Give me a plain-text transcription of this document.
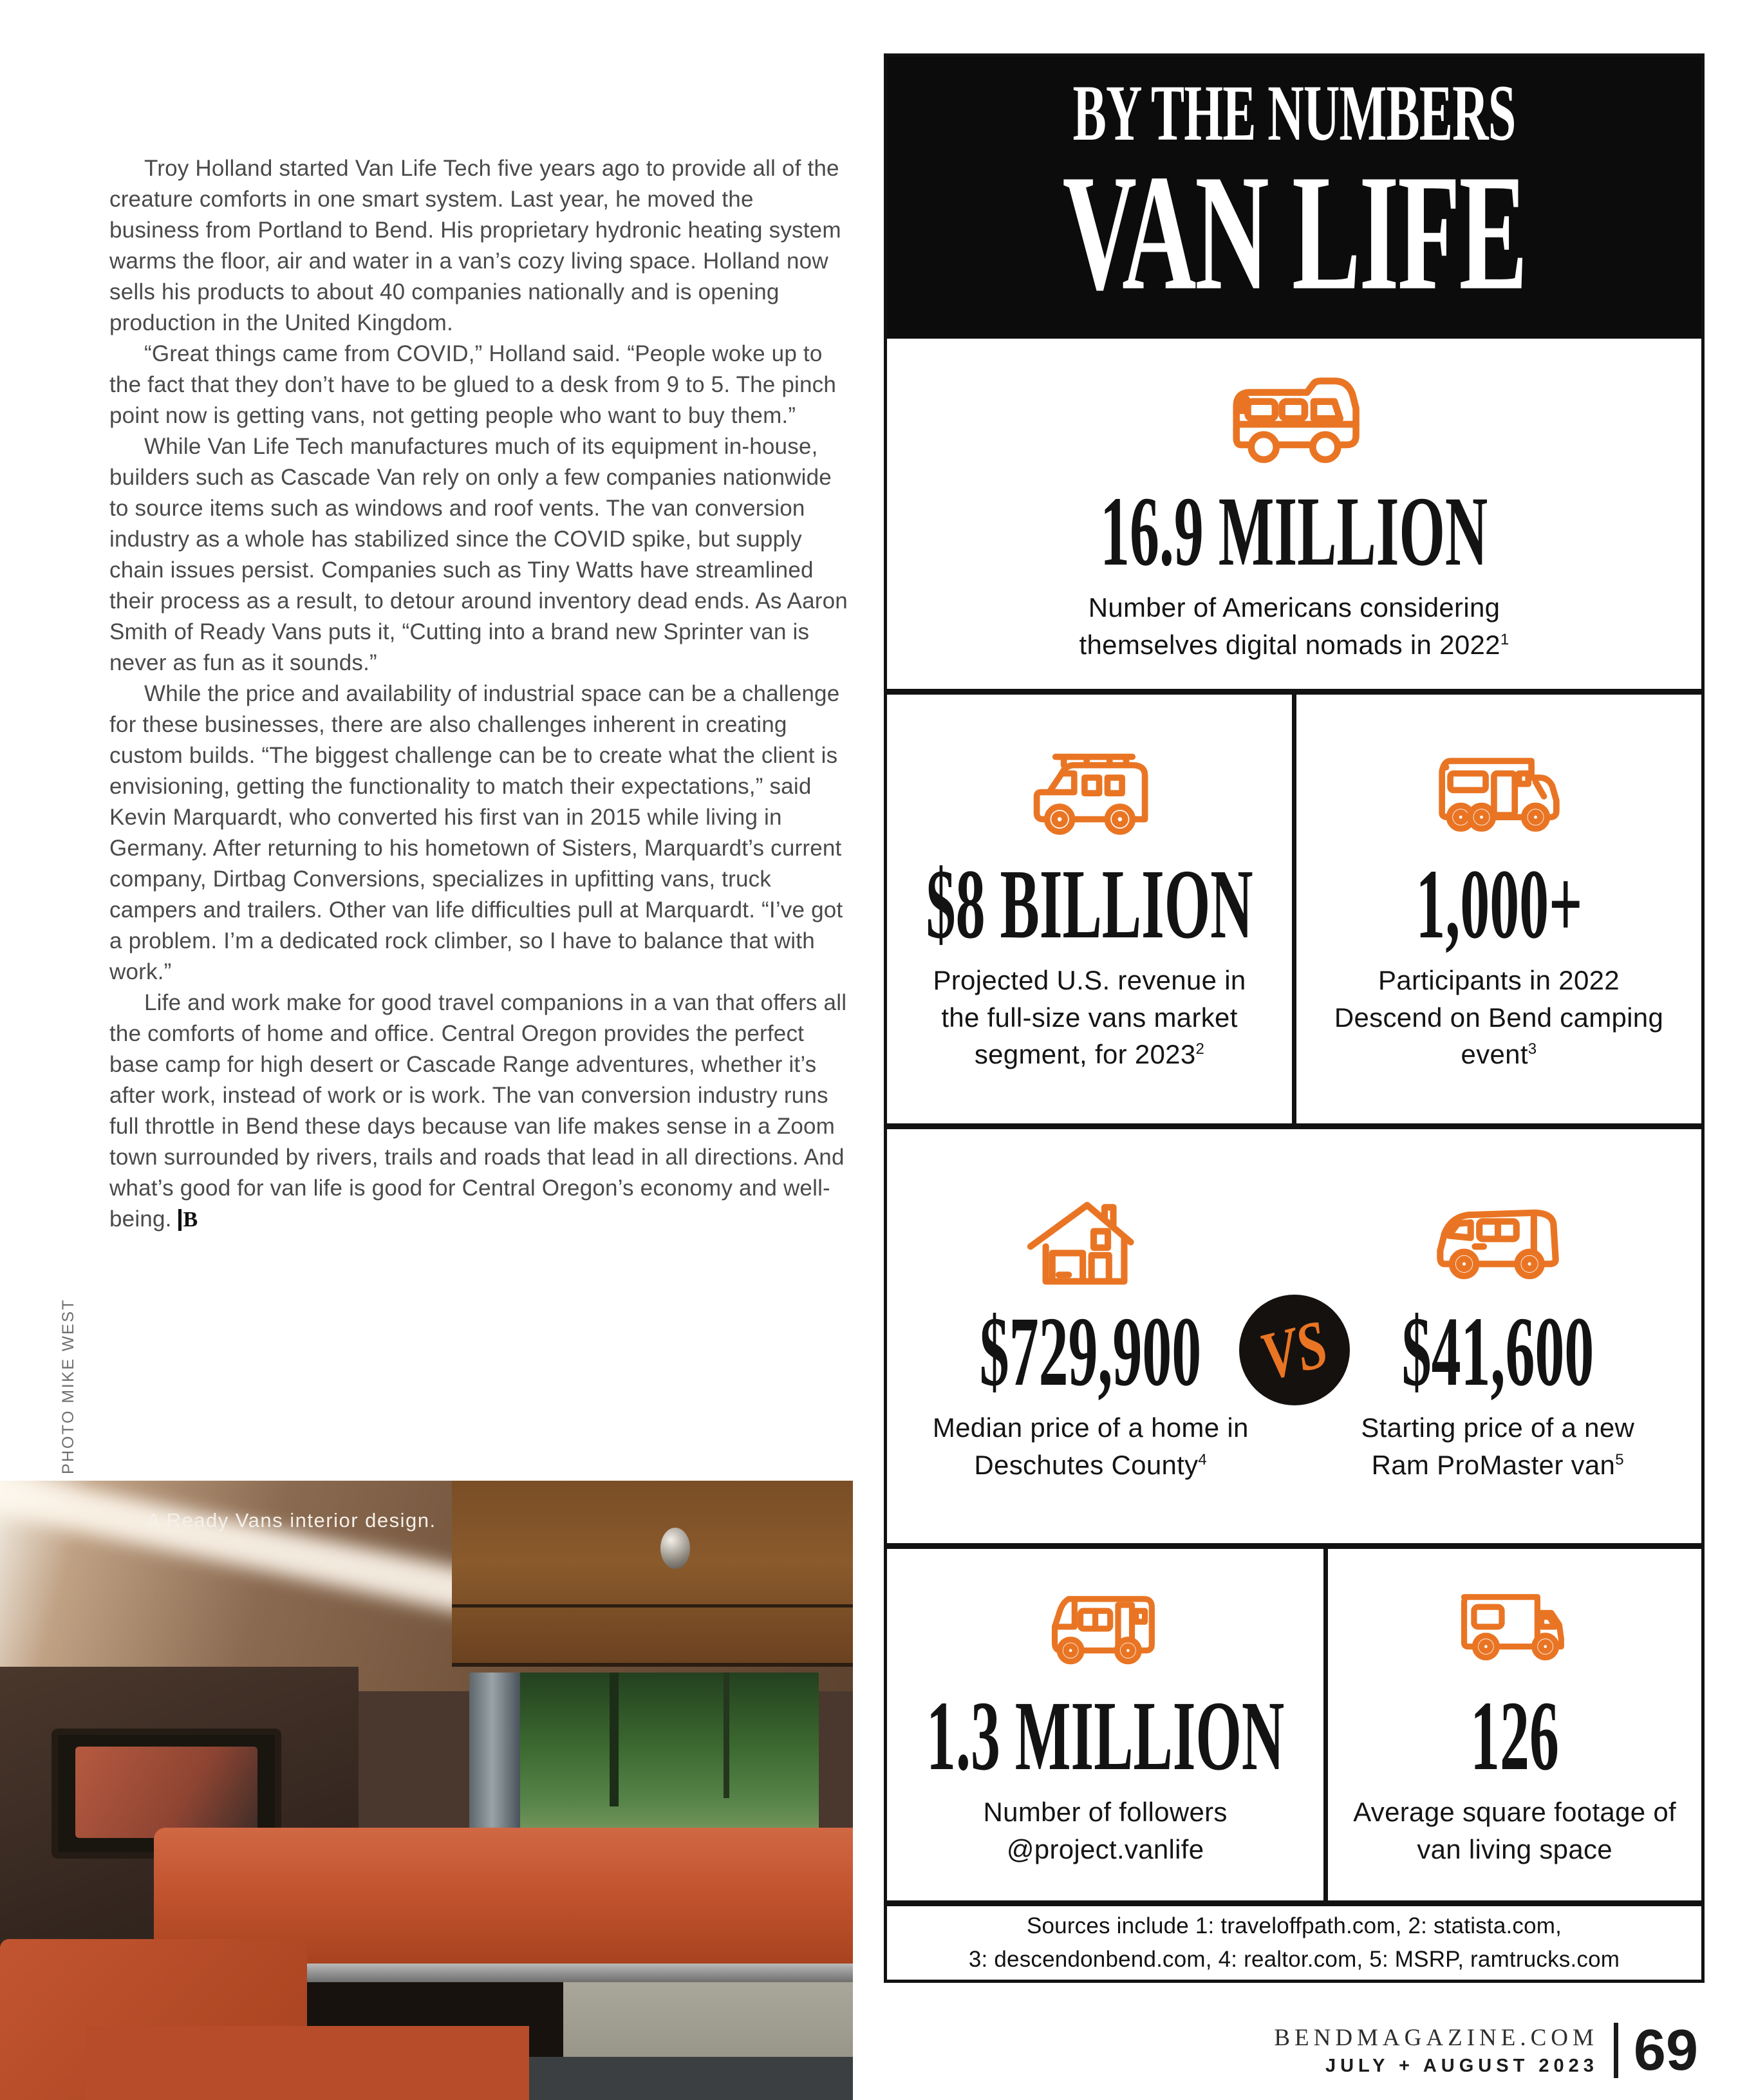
Troy Holland started Van Life Tech five years ago to provide all of the creature comforts in one smart system. Last year, he moved the business from Portland to Bend. His proprietary hydronic heating system warms the floor, air and water in a van’s cozy living space. Holland now sells his products to about 40 companies nationally and is opening production in the United Kingdom.

“Great things came from COVID,” Holland said. “People woke up to the fact that they don’t have to be glued to a desk from 9 to 5. The pinch point now is getting vans, not getting people who want to buy them.”

While Van Life Tech manufactures much of its equipment in-house, builders such as Cascade Van rely on only a few companies nationwide to source items such as windows and roof vents. The van conversion industry as a whole has stabilized since the COVID spike, but supply chain issues persist. Companies such as Tiny Watts have streamlined their process as a result, to detour around inventory dead ends. As Aaron Smith of Ready Vans puts it, “Cutting into a brand new Sprinter van is never as fun as it sounds.”

While the price and availability of industrial space can be a challenge for these businesses, there are also challenges inherent in creating custom builds. “The biggest challenge can be to create what the client is envisioning, getting the functionality to match their expectations,” said Kevin Marquardt, who converted his first van in 2015 while living in Germany. After returning to his hometown of Sisters, Marquardt’s current company, Dirtbag Conversions, specializes in upfitting vans, truck campers and trailers. Other van life difficulties pull at Marquardt. “I’ve got a problem. I’m a dedicated rock climber, so I have to balance that with work.”

Life and work make for good travel companions in a van that offers all the comforts of home and office. Central Oregon provides the perfect base camp for high desert or Cascade Range adventures, whether it’s after work, instead of work or is work. The van conversion industry runs full throttle in Bend these days because van life makes sense in a Zoom town surrounded by rivers, trails and roads that lead in all directions. And what’s good for van life is good for Central Oregon’s economy and well-being. B

PHOTO MIKE WEST
A Ready Vans interior design.
BY THE NUMBERS
VAN LIFE
16.9 MILLION
Number of Americans considering themselves digital nomads in 2022$^1$
$8 BILLION
Projected U.S. revenue in the full-size vans market segment, for 2023$^2$
1,000+
Participants in 2022 Descend on Bend camping event$^3$
$729,900
Median price of a home in Deschutes County$^4$
$41,600
Starting price of a new Ram ProMaster van$^5$
VS
1.3 MILLION
Number of followers @project.vanlife
126
Average square footage of van living space
Sources include 1: traveloffpath.com, 2: statista.com,
3: descendonbend.com, 4: realtor.com, 5: MSRP, ramtrucks.com
BENDMAGAZINE.COM
JULY + AUGUST 2023 69
